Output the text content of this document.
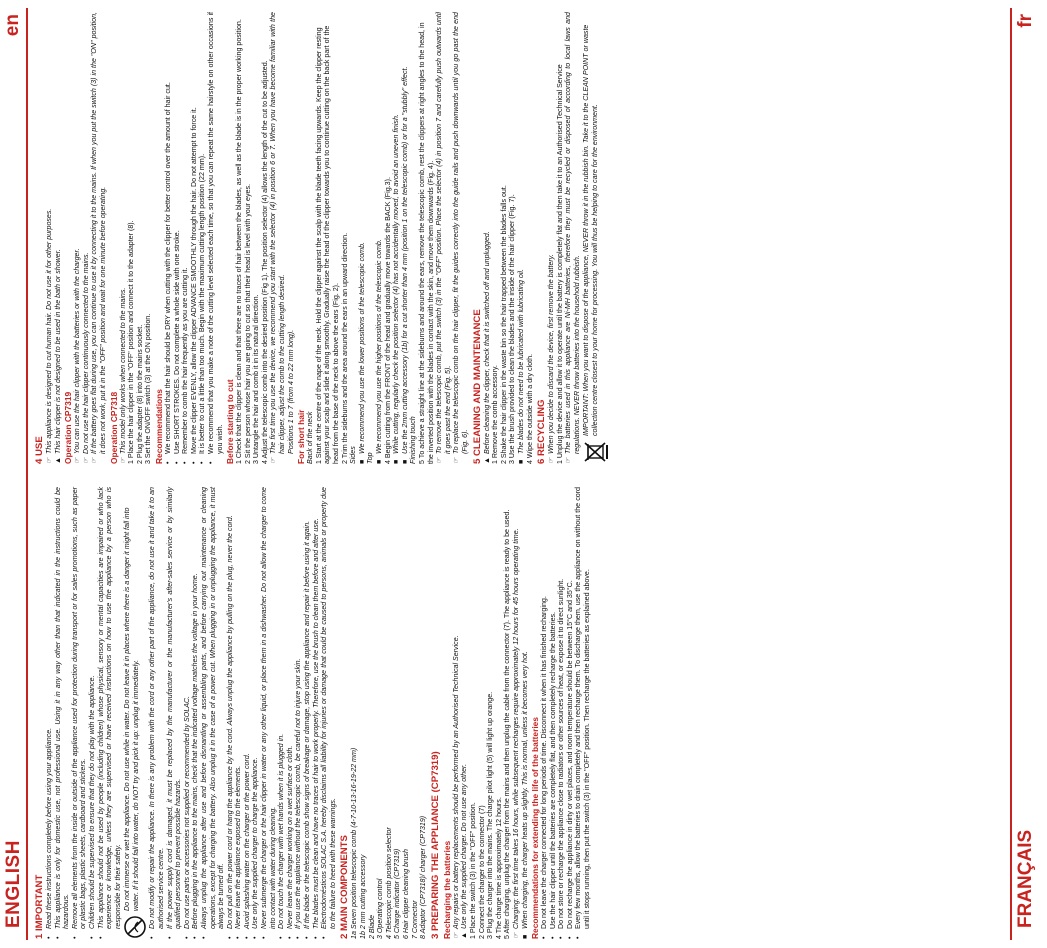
ENGLISH
en
1 IMPORTANT •
Read these instructions completely before using your appliance.
•
This appliance is only for domestic use, not professional use. Using it in any way other than that indicated in the instructions could be hazardous.
•
Remove all elements from the inside or outside of the appliance used for protection during transport or for sales promotions, such as paper or plastic bags, plastic sheets, cardboard and stickers.
•
Children should be supervised to ensure that they do not play with the appliance.
•
This appliance should not be used by people (including children) whose physical, sensory or mental capacities are impaired or who lack experience or knowledge, unless they are supervised or have received instructions on how to use the appliance by a person who is responsible for their safety. Do not immerse or wet the appliance. Do not use while in water. Do not leave it in places where there is a danger it might fall into water. If it should fall into water, do NOT try and pick it up: unplug it immediately.
•
Do not modify or repair the appliance. In there is any problem with the cord or any other part of the appliance, do not use it and take it to an authorised service centre.
•
If the power supply cord is damaged, it must be replaced by the manufacturer or the manufacturer's after-sales service or by similarly qualified personnel to prevent possible hazards.
•
Do not use parts or accessories not supplied or recommended by SOLAC.
•
Before plugging in the appliance to the mains, check that the indicated voltage matches the voltage in your home.
•
Always unplug the appliance after use and before dismantling or assembling parts, and before carrying out maintenance or cleaning operations, except for charging the battery. Also unplug it in the case of a power cut. When plugging in or unplugging the appliance, it must always be turned off.
•
Do not pull on the power cord or hang the appliance by the cord. Always unplug the appliance by pulling on the plug, never the cord.
•
Never leave the appliance exposed to the elements.
•
Avoid splashing water on the charger or the power cord.
•
Use only the supplied charger to charge the appliance.
•
Never submerge the charger or the hair clipper in water or any other liquid, or place them in a dishwasher. Do not allow the charger to come into contact with water during cleaning.
•
Do not touch the charger with wet hands when it is plugged in.
•
Never leave the charger working on a wet surface or cloth.
•
If you use the appliance without the telescopic comb, be careful not to injure your skin.
•
If the blade or the telescopic comb show signs of breakage or damage, stop using the appliance and repair it before using it again.
•
The blades must be clean and have no traces of hair to work properly. Therefore, use the brush to clean them before and after use.
•
Electrodomésticos SOLAC S.A. hereby disclaims all liability for injuries or damage that could be caused to persons, animals or property due to the failure to heed with these warnings. 2 MAIN COMPONENTS 1a Seven position telescopic comb (4-7-10-13-16-19-22 mm) 1b 2 mm cutting accessory 2 Blade 3 Operating control 4 Telescopic comb position selector 5 Charge indicator (CP7319) 6 Hair clipper cleaning brush 7 Connector 8 Adaptor (CP7318)/ charger (CP7319) 3 PREPARING THE APPLIANCE (CP7319) Recharging the batteries ☞
Any repairs or battery replacements should be performed by an Authorised Technical Service.
▲
Use only the supplied charger. Do not use any other. 1 Place the switch (3) in the "OFF" position. 2 Connect the charger to the connector (7) 3 Plug the charger into the mains. The charge pilot light (5) will light up orange. 4 The charge time is approximately 12 hours. 5 After charging, unplug the charger from the mains and then unplug the cable from the connector (7). The appliance is ready to be used. ☞
Charging: the first time takes 16 hours, while subsequent recharges require approximately 12 hours for 45 hours operating time.
■
When charging, the charger heats up slightly. This is normal, unless it becomes very hot. Recommendations for extending the life of the batteries •
Do not leave the charger connected for long periods of time. Disconnect it when it has finished recharging.
•
Use the hair clipper until the batteries are completely flat, and then completely recharge the batteries.
•
Do not store or recharge the appliance close to radiators or other sources of heat, or expose it to direct sunlight.
•
Do not recharge the appliance in dirty or wet places, and room temperature should be between 15°C and 35°C.
•
Every few months, allow the batteries to drain completely and then recharge them. To discharge them, use the appliance on without the cord until it stops running, then put the switch (3) in the "OFF" position. Then recharge the batteries as explained above.
4 USE ☞
This appliance is designed to cut human hair. Do not use it for other purposes.
▲
This hair clipper is not designed to be used in the bath or shower. Operation CP7319 ☞
You can use the hair clipper with the batteries or with the charger.
☞
Do not use the hair clipper continuously connected to the mains.
☞
If the battery goes flat during use, you can continue to use it by connecting it to the mains. If when you put the switch (3) in the "ON" position, it does not work, put it in the "OFF" position and wait for one minute before operating. Operation CP7318 ☞
This model only works when connected to the mains. 1 Place the hair clipper in the "OFF" position and connect it to the adapter (8). 2 Plug the adapter (8) into the mains socket. 3 Set the ON/OFF switch (3) at the ON position. Recommendations •
We recommend that the hair should be DRY when cutting with the clipper for better control over the amount of hair cut.
•
Use SHORT STROKES. Do not complete a whole side with one stroke.
•
Remember to comb the hair frequently as you are cutting it.
•
Move the clipper EVENLY, allow the clipper ADVANCE SMOOTHLY through the hair. Do not attempt to force it.
•
It is better to cut a little than too much. Begin with the maximum cutting length position (22 mm).
•
We recommend that you make a note of the cutting level selected each time, so that you can repeat the same hairstyle on other occasions if you wish. Before starting to cut 1 Check that the clipper is clean and that there are no traces of hair between the blades, as well as the blade is in the proper working position. 2 Sit the person whose hair you are going to cut so that their head is level with your eyes. 3 Untangle the hair and comb it in its natural direction. 4 Adjust the telescopic comb into the desired position (Fig 1). The position selector (4) allows the length of the cut to be adjusted. ☞
The first time you use the device, we recommend you start with the selector (4) in position 6 or 7. When you have become familiar with the hair clipper, adjust the comb to the cutting length desired. Positions 1 to 7 (from 4 to 22 mm long). For short hair Back of the neck 1 Start at the centre of the nape of the neck. Hold the clipper against the scalp with the blade teeth facing upwards. Keep the clipper resting against your scalp and slide it along smoothly. Gradually raise the head of the clipper towards you to continue cutting on the back part of the head from the base of the neck to above the ears (Fig. 2). 2 Trim the sideburns and the area around the ears in an upward direction. Sides ■
We recommend you use the lower positions of the telescopic comb.
Top ■
We recommend you use the higher positions of the telescopic comb. 4 Begin cutting from the FRONT of the head and gradually move towards the BACK (Fig.3). ■
While cutting, regularly check the position selector (4) has not accidentally moved, to avoid an uneven finish.
■
Use the 2mm cutting accessory (1b) for a cut shorter than 4 mm (position 1 on the telescopic comb) or for a "stubbly" effect. Finishing touch 5 To achieve a straight line at the sideburns and around the ears, remove the telescopic comb, rest the clippers at right angles to the head, in the inverted position with the blades in contact with the skin, and move them downwards (Fig. 4). ☞
To remove the telescopic comb, put the switch (3) in the "OFF" position. Place the selector (4) in position 7 and carefully push outwards until it goes past the end (Fig. 5).
☞
To replace the telescopic comb on the hair clipper, fit the guides correctly into the guide rails and push downwards until you go past the end (Fig. 6). 5 CLEANING AND MAINTENANCE ▲
Before cleaning the clipper, check that it is switched off and unplugged. 1 Remove the comb accessory. 2 Shake the hair clipper in the waste bin so the hair trapped between the blades falls out. 3 Use the brush provided to clean the blades and the inside of the hair clipper (Fig. 7). ■
The blades do not need to be lubricated with lubricating oil. 4 Wipe the outside with a dry cloth. 6 RECYCLING ☞
When you decide to discard the device, first remove the battery. 1 Unplug the device and allow it to operate until the battery is completely flat and then take it to an Authorised Technical Service ☞
The batteries used in this appliance are Ni-MH batteries, therefore they must be recycled or disposed of according to local laws and regulations. NEVER throw batteries into the household rubbish. IMPORTANT: When you want to dispose of the appliance, NEVER throw it in the rubbish bin. Take it to the CLEAN POINT or waste collection centre closest to your home for processing. You will thus be helping to care for the environment.
FRANÇAIS
fr
